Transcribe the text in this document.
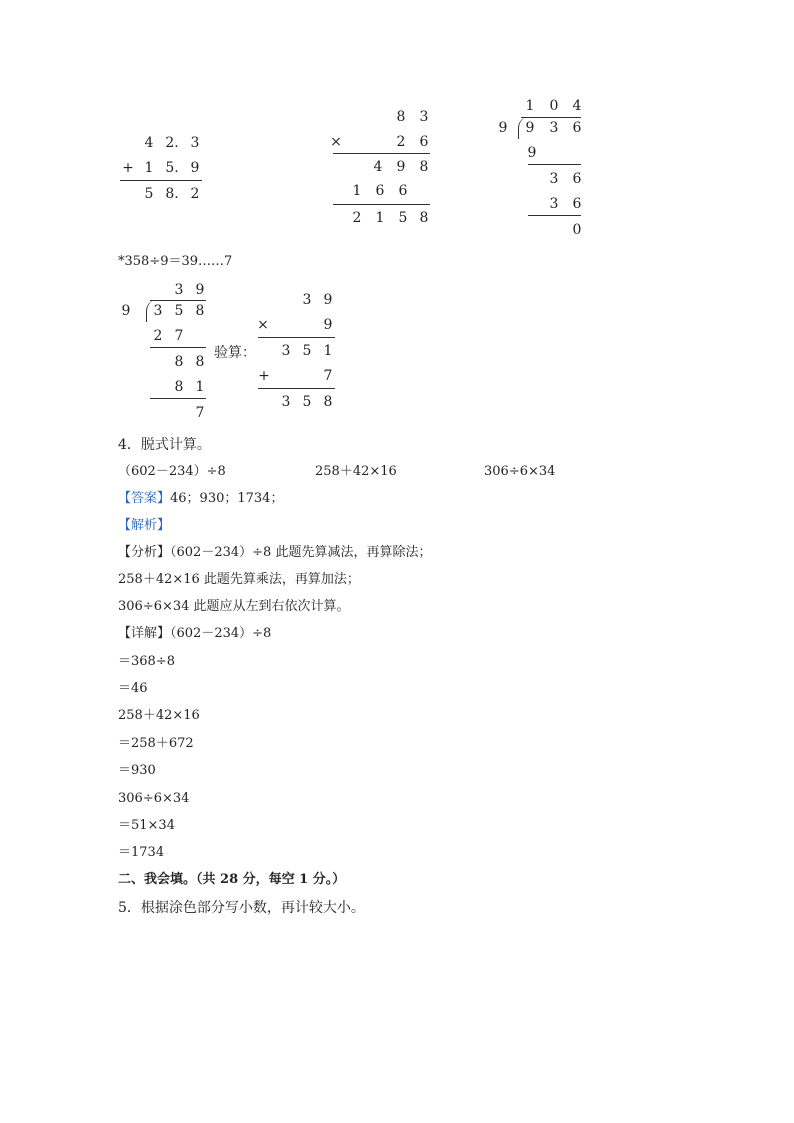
4 2. 3
+ 1 5. 9
5 8. 2
8 3
×	2 6
4 9 8
1 6 6
2 1 5 8
1 0 4
9 9 3 6
9
3 6
3 6
0
*358÷9＝39……7
3 9
9 3 5 8
2 7
8 8
8 1
7
验算：
3 9
×	9
3 5 1
+	7
3 5 8
4．脱式计算。
（602－234）÷8	258＋42×16	306÷6×34
【答案】46；930；1734；
【解析】
【分析】（602－234）÷8 此题先算减法，再算除法；
258＋42×16 此题先算乘法，再算加法；
306÷6×34 此题应从左到右依次计算。
【详解】（602－234）÷8
＝368÷8
＝46
258＋42×16
＝258＋672
＝930
306÷6×34
＝51×34
＝1734
二、我会填。（共 28 分，每空 1 分。）
5．根据涂色部分写小数，再计较大小。
